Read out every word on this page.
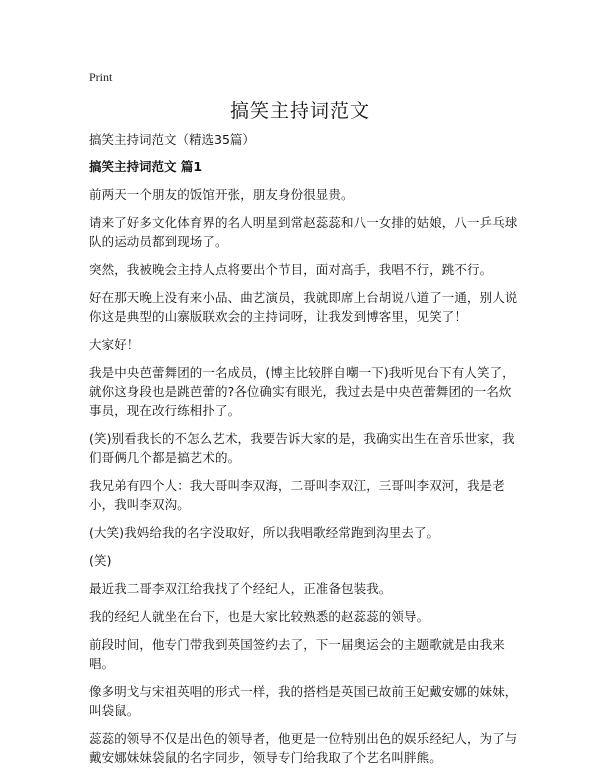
Print
搞笑主持词范文

搞笑主持词范文（精选35篇）

搞笑主持词范文 篇1

前两天一个朋友的饭馆开张，朋友身份很显贵。

请来了好多文化体育界的名人明星到常赵蕊蕊和八一女排的姑娘，八一乒乓球队的运动员都到现场了。

突然，我被晚会主持人点将要出个节目，面对高手，我唱不行，跳不行。

好在那天晚上没有来小品、曲艺演员，我就即席上台胡说八道了一通，别人说你这是典型的山寨版联欢会的主持词呀，让我发到博客里，见笑了！

大家好！

我是中央芭蕾舞团的一名成员，(博主比较胖自嘲一下)我听见台下有人笑了，就你这身段也是跳芭蕾的?各位确实有眼光，我过去是中央芭蕾舞团的一名炊事员，现在改行练相扑了。

(笑)别看我长的不怎么艺术，我要告诉大家的是，我确实出生在音乐世家，我们哥俩几个都是搞艺术的。

我兄弟有四个人：我大哥叫李双海，二哥叫李双江，三哥叫李双河，我是老小，我叫李双沟。

(大笑)我妈给我的名字没取好，所以我唱歌经常跑到沟里去了。

(笑)

最近我二哥李双江给我找了个经纪人，正准备包装我。

我的经纪人就坐在台下，也是大家比较熟悉的赵蕊蕊的领导。

前段时间，他专门带我到英国签约去了，下一届奥运会的主题歌就是由我来唱。

像多明戈与宋祖英唱的形式一样，我的搭档是英国已故前王妃戴安娜的妹妹，叫袋鼠。

蕊蕊的领导不仅是出色的领导者，他更是一位特别出色的娱乐经纪人，为了与戴安娜妹妹袋鼠的名字同步，领导专门给我取了个艺名叫胖熊。
